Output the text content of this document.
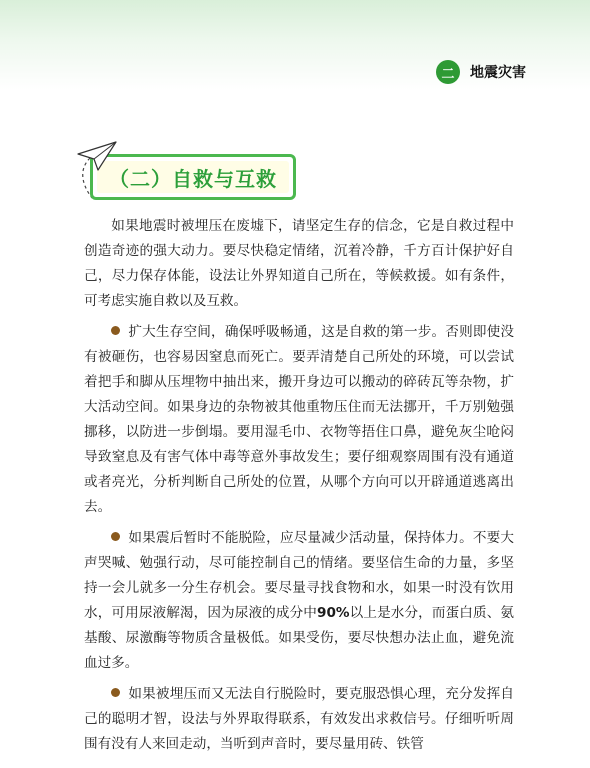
二	地震灾害
（二）自救与互救

如果地震时被埋压在废墟下，请坚定生存的信念，它是自救过程中创造奇迹的强大动力。要尽快稳定情绪，沉着冷静，千方百计保护好自己，尽力保存体能，设法让外界知道自己所在，等候救援。如有条件，可考虑实施自救以及互救。

扩大生存空间，确保呼吸畅通，这是自救的第一步。否则即使没有被砸伤，也容易因窒息而死亡。要弄清楚自己所处的环境，可以尝试着把手和脚从压埋物中抽出来，搬开身边可以搬动的碎砖瓦等杂物，扩大活动空间。如果身边的杂物被其他重物压住而无法挪开，千万别勉强挪移，以防进一步倒塌。要用湿毛巾、衣物等捂住口鼻，避免灰尘呛闷导致窒息及有害气体中毒等意外事故发生；要仔细观察周围有没有通道或者亮光，分析判断自己所处的位置，从哪个方向可以开辟通道逃离出去。

如果震后暂时不能脱险，应尽量减少活动量，保持体力。不要大声哭喊、勉强行动，尽可能控制自己的情绪。要坚信生命的力量，多坚持一会儿就多一分生存机会。要尽量寻找食物和水，如果一时没有饮用水，可用尿液解渴，因为尿液的成分中90%以上是水分，而蛋白质、氨基酸、尿激酶等物质含量极低。如果受伤，要尽快想办法止血，避免流血过多。

如果被埋压而又无法自行脱险时，要克服恐惧心理，充分发挥自己的聪明才智，设法与外界取得联系，有效发出求救信号。仔细听听周围有没有人来回走动，当听到声音时，要尽量用砖、铁管
